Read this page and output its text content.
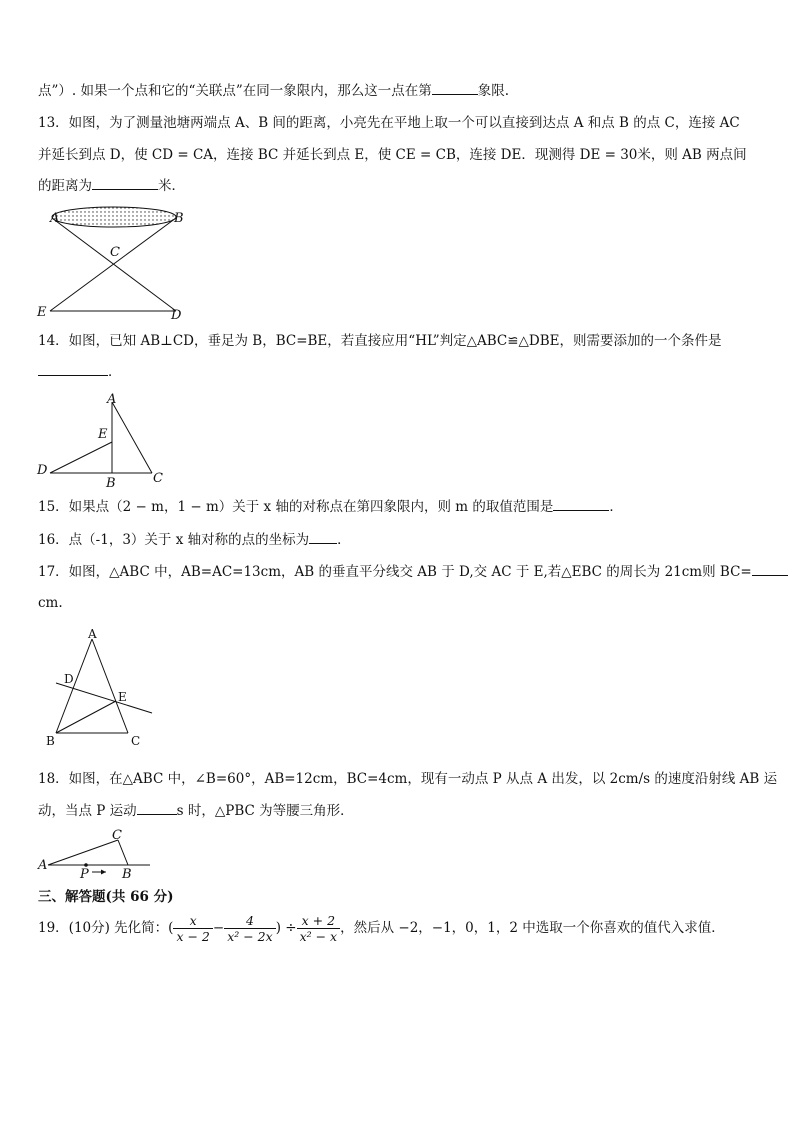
点”）. 如果一个点和它的“关联点”在同一象限内，那么这一点在第	象限.
13．如图，为了测量池塘两端点 A、B 间的距离，小亮先在平地上取一个可以直接到达点 A 和点 B 的点 C，连接 AC
并延长到点 D，使 CD = CA，连接 BC 并延长到点 E，使 CE = CB，连接 DE．现测得 DE = 30米，则 AB 两点间
的距离为	米．
A	B
C
E	D
14．如图，已知 AB⊥CD，垂足为 B，BC=BE，若直接应用“HL”判定△ABC≌△DBE，则需要添加的一个条件是
．
A
E
D
B	C
15．如果点（2 − m，1 − m）关于 x 轴的对称点在第四象限内，则 m 的取值范围是	．
16．点（-1，3）关于 x 轴对称的点的坐标为 ．
17．如图，△ABC 中，AB=AC=13cm，AB 的垂直平分线交 AB 于 D,交 AC 于 E,若△EBC 的周长为 21cm则 BC=
cm.
A
D
E
B	C
18．如图，在△ABC 中，∠B=60°，AB=12cm，BC=4cm，现有一动点 P 从点 A 出发，以 2cm/s 的速度沿射线 AB 运
动，当点 P 运动	s 时，△PBC 为等腰三角形．
A
C
P	B
三、解答题(共 66 分)
19．(10分) 先化简：( $\frac{x}{x - 2} - \frac{4}{\text{x² − 2x}}$ ) ÷ $\frac{x + 2}{\text{x² − x}}$ ，然后从 −2，−1，0，1，2 中选取一个你喜欢的值代入求值．
